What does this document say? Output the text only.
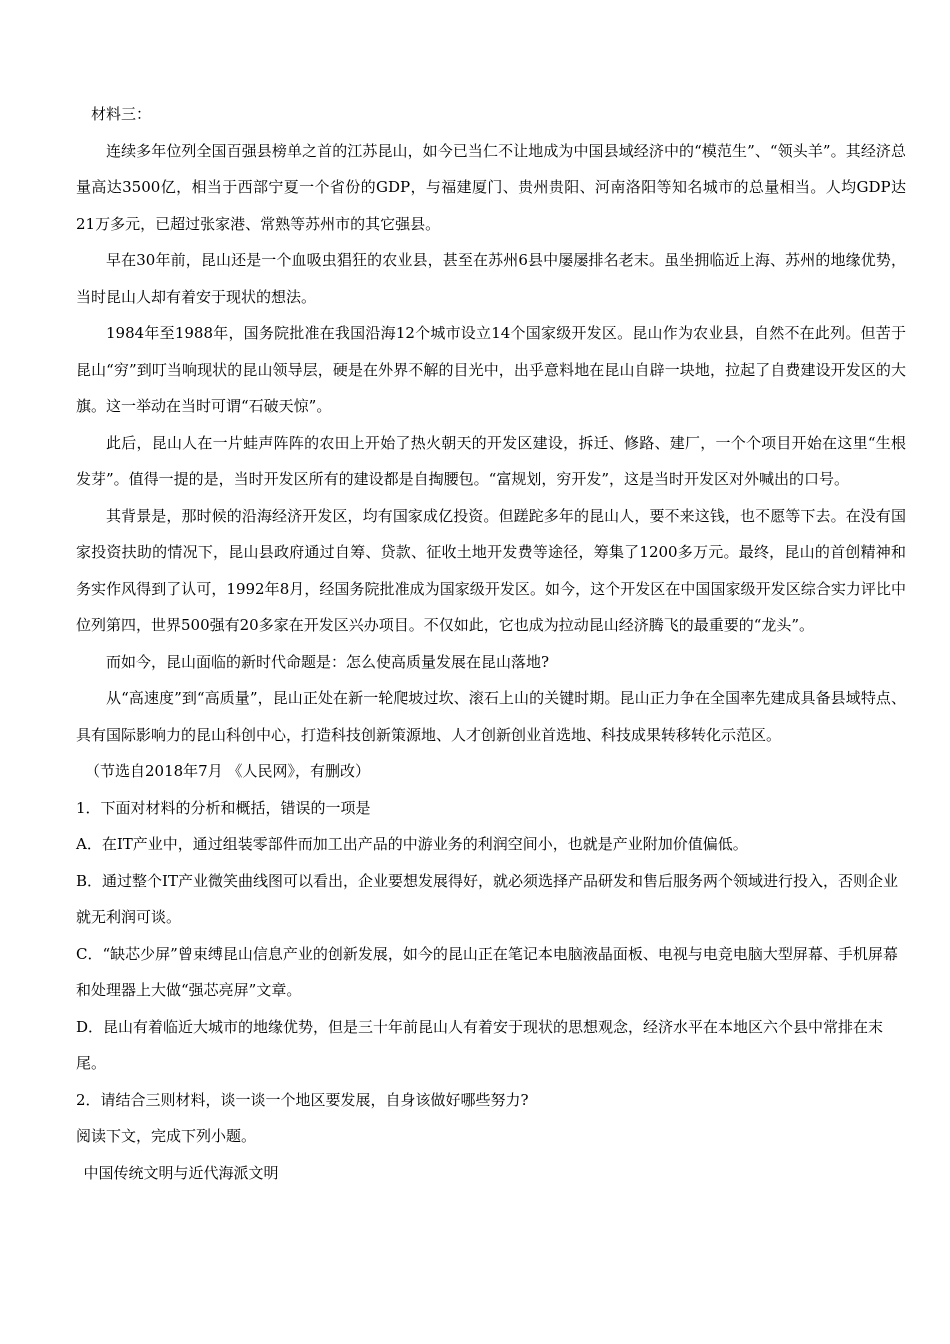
材料三：

连续多年位列全国百强县榜单之首的江苏昆山，如今已当仁不让地成为中国县域经济中的“模范生”、“领头羊”。其经济总量高达3500亿，相当于西部宁夏一个省份的GDP，与福建厦门、贵州贵阳、河南洛阳等知名城市的总量相当。人均GDP达21万多元，已超过张家港、常熟等苏州市的其它强县。

早在30年前，昆山还是一个血吸虫猖狂的农业县，甚至在苏州6县中屡屡排名老末。虽坐拥临近上海、苏州的地缘优势，当时昆山人却有着安于现状的想法。

1984年至1988年，国务院批准在我国沿海12个城市设立14个国家级开发区。昆山作为农业县，自然不在此列。但苦于昆山“穷”到叮当响现状的昆山领导层，硬是在外界不解的目光中，出乎意料地在昆山自辟一块地，拉起了自费建设开发区的大旗。这一举动在当时可谓“石破天惊”。

此后，昆山人在一片蛙声阵阵的农田上开始了热火朝天的开发区建设，拆迁、修路、建厂，一个个项目开始在这里“生根发芽”。值得一提的是，当时开发区所有的建设都是自掏腰包。“富规划，穷开发”，这是当时开发区对外喊出的口号。

其背景是，那时候的沿海经济开发区，均有国家成亿投资。但蹉跎多年的昆山人，要不来这钱，也不愿等下去。在没有国家投资扶助的情况下，昆山县政府通过自筹、贷款、征收土地开发费等途径，筹集了1200多万元。最终，昆山的首创精神和务实作风得到了认可，1992年8月，经国务院批准成为国家级开发区。如今，这个开发区在中国国家级开发区综合实力评比中位列第四，世界500强有20多家在开发区兴办项目。不仅如此，它也成为拉动昆山经济腾飞的最重要的“龙头”。

而如今，昆山面临的新时代命题是：怎么使高质量发展在昆山落地?

从“高速度”到“高质量”，昆山正处在新一轮爬坡过坎、滚石上山的关键时期。昆山正力争在全国率先建成具备县域特点、具有国际影响力的昆山科创中心，打造科技创新策源地、人才创新创业首选地、科技成果转移转化示范区。

（节选自2018年7月 《人民网》，有删改）

1．下面对材料的分析和概括，错误的一项是

A．在IT产业中，通过组装零部件而加工出产品的中游业务的利润空间小，也就是产业附加价值偏低。

B．通过整个IT产业微笑曲线图可以看出，企业要想发展得好，就必须选择产品研发和售后服务两个领域进行投入，否则企业就无利润可谈。

C．“缺芯少屏”曾束缚昆山信息产业的创新发展，如今的昆山正在笔记本电脑液晶面板、电视与电竞电脑大型屏幕、手机屏幕和处理器上大做“强芯亮屏”文章。

D．昆山有着临近大城市的地缘优势，但是三十年前昆山人有着安于现状的思想观念，经济水平在本地区六个县中常排在末尾。

2．请结合三则材料，谈一谈一个地区要发展，自身该做好哪些努力?

阅读下文，完成下列小题。

中国传统文明与近代海派文明
